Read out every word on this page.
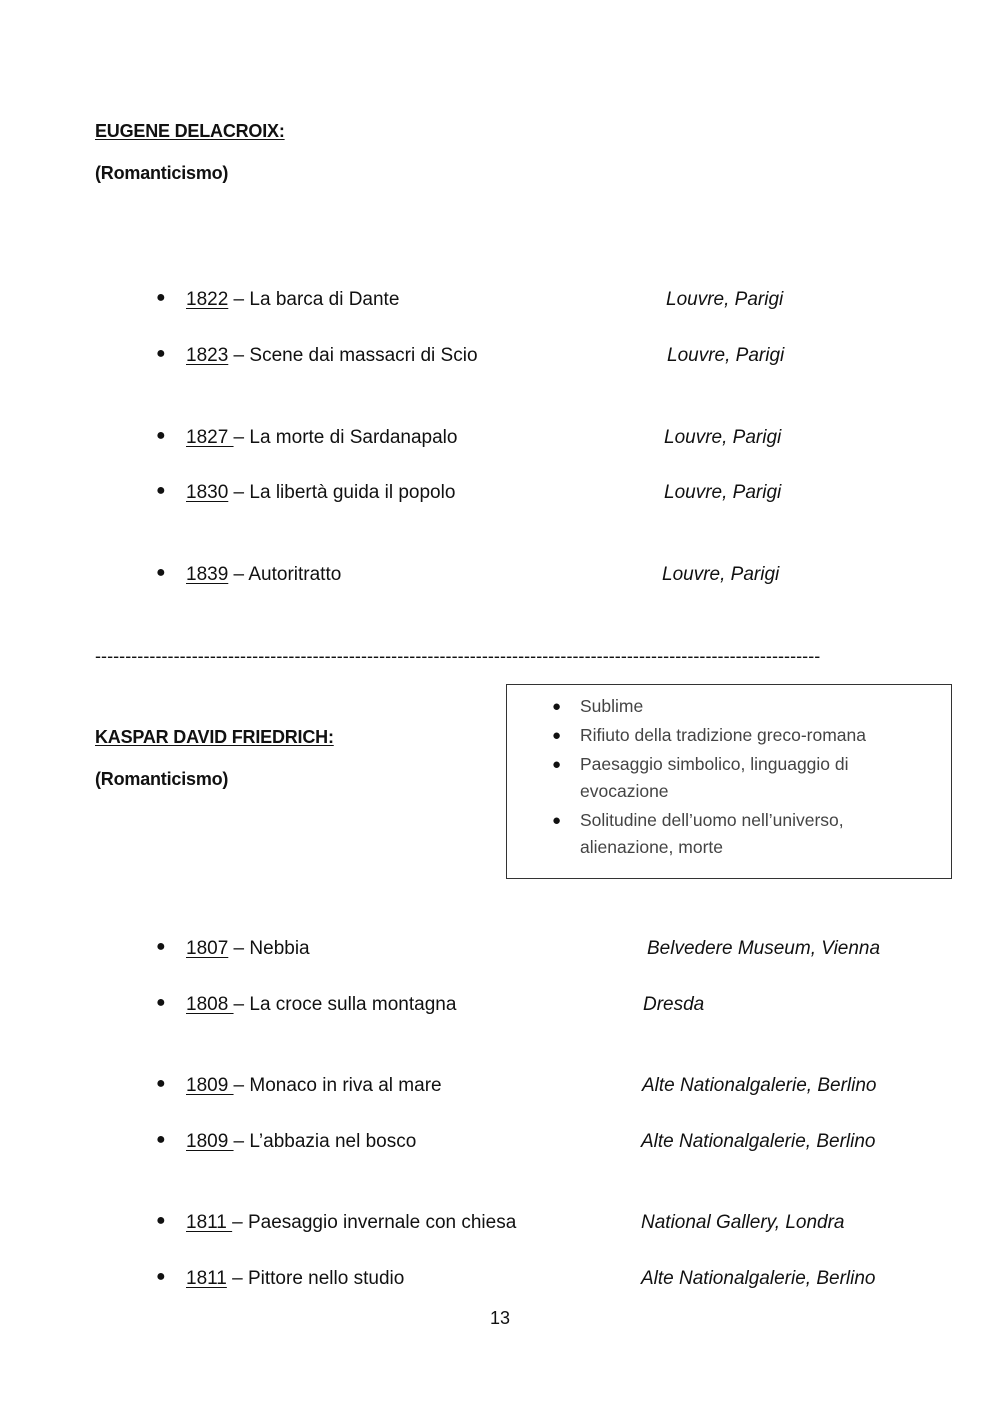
EUGENE DELACROIX:
(Romanticismo)
● 1822 – La barca di Dante	Louvre, Parigi
● 1823 – Scene dai massacri di Scio	Louvre, Parigi
● 1827 – La morte di Sardanapalo	Louvre, Parigi
● 1830 – La libertà guida il popolo	Louvre, Parigi
● 1839 – Autoritratto	Louvre, Parigi
------------------------------------------------------------------------------------------------------------------------
● Sublime
● Rifiuto della tradizione greco-romana
● Paesaggio simbolico, linguaggio di evocazione
● Solitudine dell’uomo nell’universo, alienazione, morte
KASPAR DAVID FRIEDRICH:
(Romanticismo)
● 1807 – Nebbia	Belvedere Museum, Vienna
● 1808 – La croce sulla montagna	Dresda
● 1809 – Monaco in riva al mare	Alte Nationalgalerie, Berlino
● 1809 – L’abbazia nel bosco	Alte Nationalgalerie, Berlino
● 1811 – Paesaggio invernale con chiesa	National Gallery, Londra
● 1811 – Pittore nello studio	Alte Nationalgalerie, Berlino
13
